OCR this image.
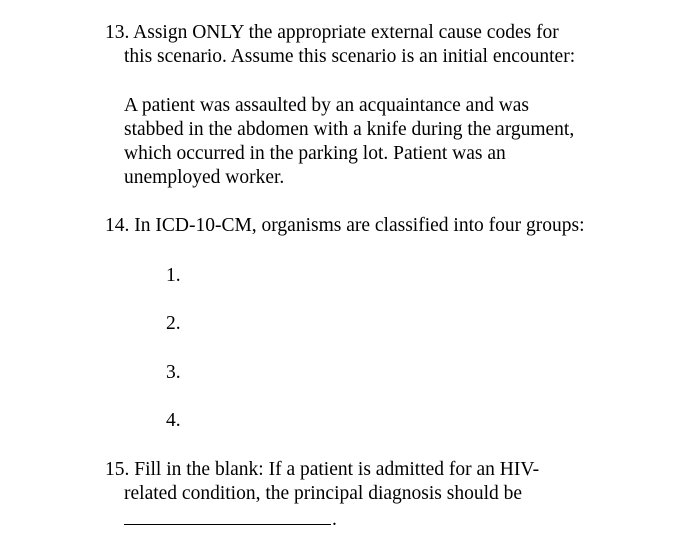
13. Assign ONLY the appropriate external cause codes for
this scenario. Assume this scenario is an initial encounter:
A patient was assaulted by an acquaintance and was
stabbed in the abdomen with a knife during the argument,
which occurred in the parking lot. Patient was an
unemployed worker.
14. In ICD-10-CM, organisms are classified into four groups:
1.
2.
3.
4.
15. Fill in the blank: If a patient is admitted for an HIV-
related condition, the principal diagnosis should be
.
